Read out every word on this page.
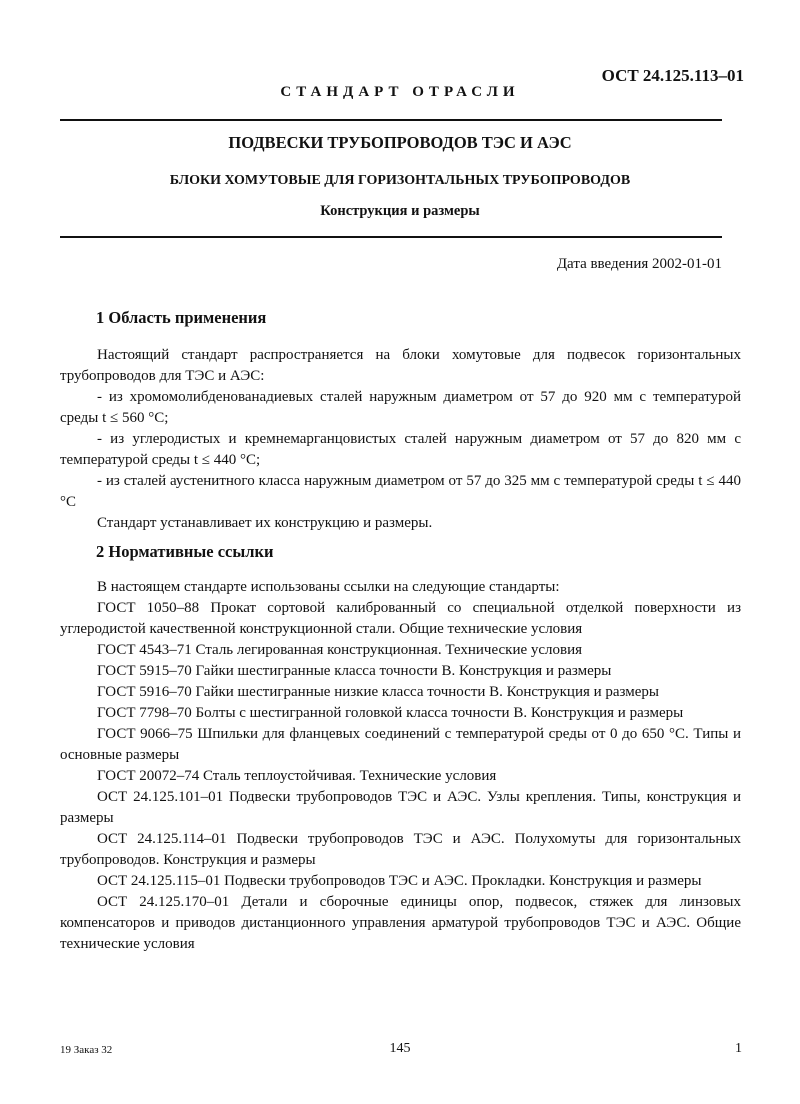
ОСТ 24.125.113–01
СТАНДАРТ ОТРАСЛИ
ПОДВЕСКИ ТРУБОПРОВОДОВ ТЭС И АЭС
БЛОКИ ХОМУТОВЫЕ ДЛЯ ГОРИЗОНТАЛЬНЫХ ТРУБОПРОВОДОВ
Конструкция и размеры
Дата введения 2002-01-01
1 Область применения

Настоящий стандарт распространяется на блоки хомутовые для подвесок горизонтальных трубопроводов для ТЭС и АЭС:

- из хромомолибденованадиевых сталей наружным диаметром от 57 до 920 мм с температурой среды t ≤ 560 °С;

- из углеродистых и кремнемарганцовистых сталей наружным диаметром от 57 до 820 мм с температурой среды t ≤ 440 °С;

- из сталей аустенитного класса наружным диаметром от 57 до 325 мм с температурой среды t ≤ 440 °С

Стандарт устанавливает их конструкцию и размеры.

2 Нормативные ссылки

В настоящем стандарте использованы ссылки на следующие стандарты:

ГОСТ 1050–88 Прокат сортовой калиброванный со специальной отделкой поверхности из углеродистой качественной конструкционной стали. Общие технические условия

ГОСТ 4543–71 Сталь легированная конструкционная. Технические условия

ГОСТ 5915–70 Гайки шестигранные класса точности В. Конструкция и размеры

ГОСТ 5916–70 Гайки шестигранные низкие класса точности В. Конструкция и размеры

ГОСТ 7798–70 Болты с шестигранной головкой класса точности В. Конструкция и размеры

ГОСТ 9066–75 Шпильки для фланцевых соединений с температурой среды от 0 до 650 °С. Типы и основные размеры

ГОСТ 20072–74 Сталь теплоустойчивая. Технические условия

ОСТ 24.125.101–01 Подвески трубопроводов ТЭС и АЭС. Узлы крепления. Типы, конструкция и размеры

ОСТ 24.125.114–01 Подвески трубопроводов ТЭС и АЭС. Полухомуты для горизонтальных трубопроводов. Конструкция и размеры

ОСТ 24.125.115–01 Подвески трубопроводов ТЭС и АЭС. Прокладки. Конструкция и размеры

ОСТ 24.125.170–01 Детали и сборочные единицы опор, подвесок, стяжек для линзовых компенсаторов и приводов дистанционного управления арматурой трубопроводов ТЭС и АЭС. Общие технические условия

19 Заказ 32	145	1
